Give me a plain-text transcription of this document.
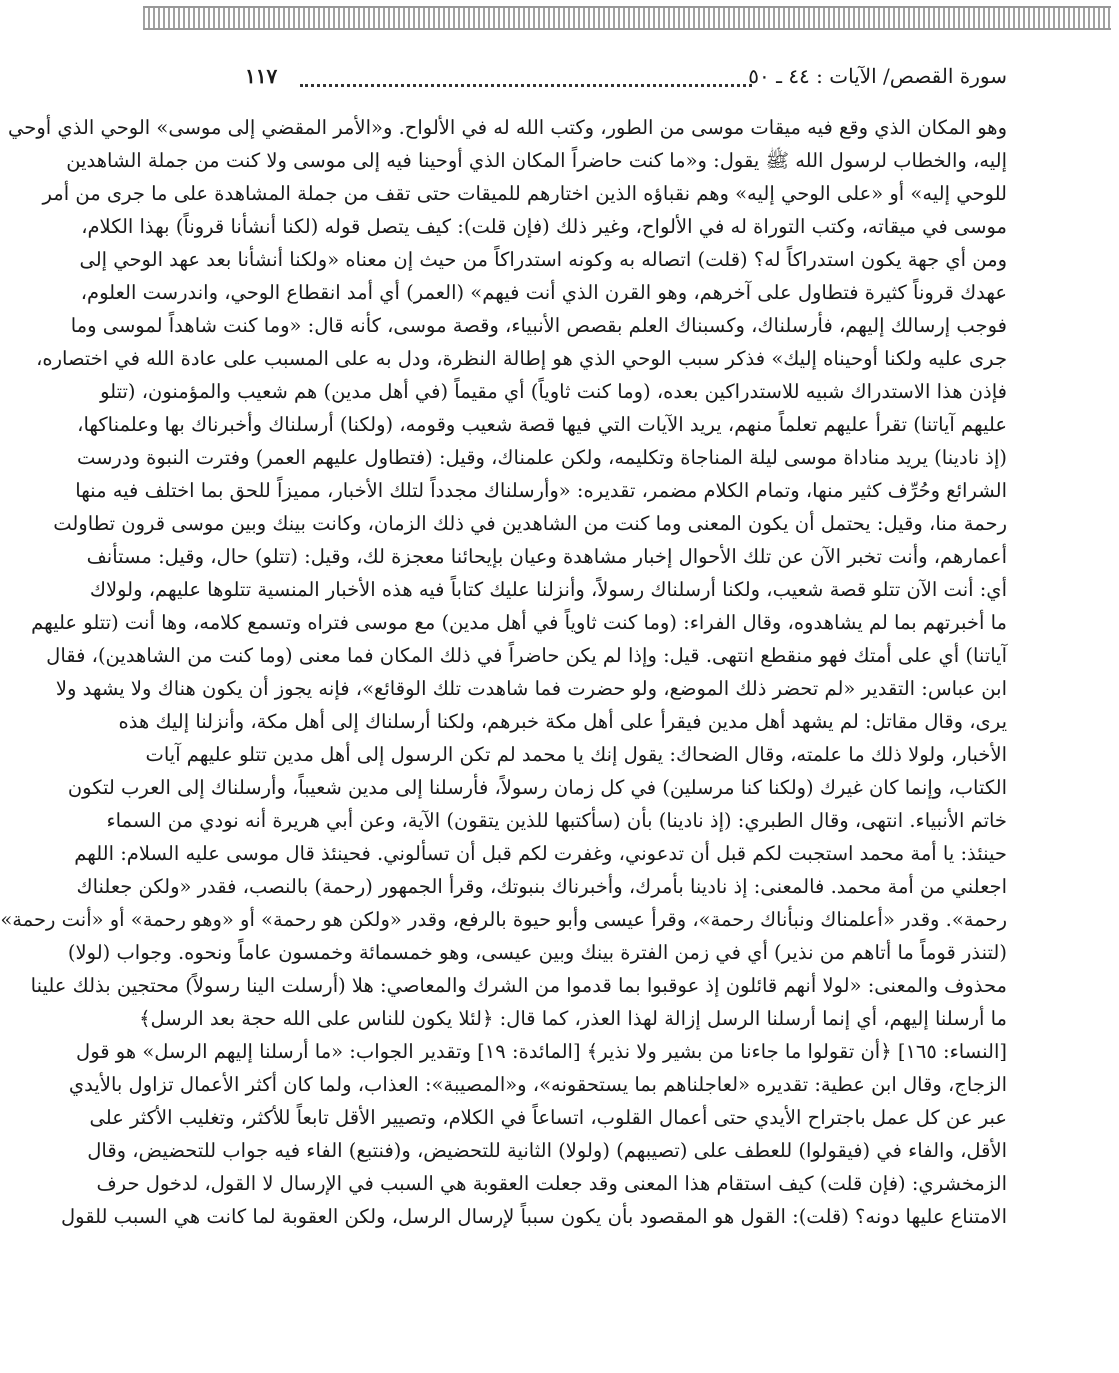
سورة القصص/ الآيات : ٤٤ ـ ٥٠
١١٧
وهو المكان الذي وقع فيه ميقات موسى من الطور، وكتب الله له في الألواح. و«الأمر المقضي إلى موسى» الوحي الذي أوحي
إليه، والخطاب لرسول الله ﷺ يقول: و«ما كنت حاضراً المكان الذي أوحينا فيه إلى موسى ولا كنت من جملة الشاهدين
للوحي إليه» أو «على الوحي إليه» وهم نقباؤه الذين اختارهم للميقات حتى تقف من جملة المشاهدة على ما جرى من أمر
موسى في ميقاته، وكتب التوراة له في الألواح، وغير ذلك (فإن قلت): كيف يتصل قوله (لكنا أنشأنا قروناً) بهذا الكلام،
ومن أي جهة يكون استدراكاً له؟ (قلت) اتصاله به وكونه استدراكاً من حيث إن معناه «ولكنا أنشأنا بعد عهد الوحي إلى
عهدك قروناً كثيرة فتطاول على آخرهم، وهو القرن الذي أنت فيهم» (العمر) أي أمد انقطاع الوحي، واندرست العلوم،
فوجب إرسالك إليهم، فأرسلناك، وكسبناك العلم بقصص الأنبياء، وقصة موسى، كأنه قال: «وما كنت شاهداً لموسى وما
جرى عليه ولكنا أوحيناه إليك» فذكر سبب الوحي الذي هو إطالة النظرة، ودل به على المسبب على عادة الله في اختصاره،
فإذن هذا الاستدراك شبيه للاستدراكين بعده، (وما كنت ثاوياً) أي مقيماً (في أهل مدين) هم شعيب والمؤمنون، (تتلو
عليهم آياتنا) تقرأ عليهم تعلماً منهم، يريد الآيات التي فيها قصة شعيب وقومه، (ولكنا) أرسلناك وأخبرناك بها وعلمناكها،
(إذ نادينا) يريد مناداة موسى ليلة المناجاة وتكليمه، ولكن علمناك، وقيل: (فتطاول عليهم العمر) وفترت النبوة ودرست
الشرائع وحُرِّف كثير منها، وتمام الكلام مضمر، تقديره: «وأرسلناك مجدداً لتلك الأخبار، مميزاً للحق بما اختلف فيه منها
رحمة منا، وقيل: يحتمل أن يكون المعنى وما كنت من الشاهدين في ذلك الزمان، وكانت بينك وبين موسى قرون تطاولت
أعمارهم، وأنت تخبر الآن عن تلك الأحوال إخبار مشاهدة وعيان بإيحائنا معجزة لك، وقيل: (تتلو) حال، وقيل: مستأنف
أي: أنت الآن تتلو قصة شعيب، ولكنا أرسلناك رسولاً، وأنزلنا عليك كتاباً فيه هذه الأخبار المنسية تتلوها عليهم، ولولاك
ما أخبرتهم بما لم يشاهدوه، وقال الفراء: (وما كنت ثاوياً في أهل مدين) مع موسى فتراه وتسمع كلامه، وها أنت (تتلو عليهم
آياتنا) أي على أمتك فهو منقطع انتهى. قيل: وإذا لم يكن حاضراً في ذلك المكان فما معنى (وما كنت من الشاهدين)، فقال
ابن عباس: التقدير «لم تحضر ذلك الموضع، ولو حضرت فما شاهدت تلك الوقائع»، فإنه يجوز أن يكون هناك ولا يشهد ولا
يرى، وقال مقاتل: لم يشهد أهل مدين فيقرأ على أهل مكة خبرهم، ولكنا أرسلناك إلى أهل مكة، وأنزلنا إليك هذه
الأخبار، ولولا ذلك ما علمته، وقال الضحاك: يقول إنك يا محمد لم تكن الرسول إلى أهل مدين تتلو عليهم آيات
الكتاب، وإنما كان غيرك (ولكنا كنا مرسلين) في كل زمان رسولاً، فأرسلنا إلى مدين شعيباً، وأرسلناك إلى العرب لتكون
خاتم الأنبياء. انتهى، وقال الطبري: (إذ نادينا) بأن (سأكتبها للذين يتقون) الآية، وعن أبي هريرة أنه نودي من السماء
حينئذ: يا أمة محمد استجبت لكم قبل أن تدعوني، وغفرت لكم قبل أن تسألوني. فحينئذ قال موسى عليه السلام: اللهم
اجعلني من أمة محمد. فالمعنى: إذ نادينا بأمرك، وأخبرناك بنبوتك، وقرأ الجمهور (رحمة) بالنصب، فقدر «ولكن جعلناك
رحمة». وقدر «أعلمناك ونبأناك رحمة»، وقرأ عيسى وأبو حيوة بالرفع، وقدر «ولكن هو رحمة» أو «وهو رحمة» أو «أنت رحمة»
(لتنذر قوماً ما أتاهم من نذير) أي في زمن الفترة بينك وبين عيسى، وهو خمسمائة وخمسون عاماً ونحوه. وجواب (لولا)
محذوف والمعنى: «لولا أنهم قائلون إذ عوقبوا بما قدموا من الشرك والمعاصي: هلا (أرسلت الينا رسولاً) محتجين بذلك علينا
ما أرسلنا إليهم، أي إنما أرسلنا الرسل إزالة لهذا العذر، كما قال: ﴿لئلا يكون للناس على الله حجة بعد الرسل﴾
[النساء: ١٦٥] ﴿أن تقولوا ما جاءنا من بشير ولا نذير﴾ [المائدة: ١٩] وتقدير الجواب: «ما أرسلنا إليهم الرسل» هو قول
الزجاج، وقال ابن عطية: تقديره «لعاجلناهم بما يستحقونه»، و«المصيبة»: العذاب، ولما كان أكثر الأعمال تزاول بالأيدي
عبر عن كل عمل باجتراح الأيدي حتى أعمال القلوب، اتساعاً في الكلام، وتصيير الأقل تابعاً للأكثر، وتغليب الأكثر على
الأقل، والفاء في (فيقولوا) للعطف على (تصيبهم) (ولولا) الثانية للتحضيض، و(فنتبع) الفاء فيه جواب للتحضيض، وقال
الزمخشري: (فإن قلت) كيف استقام هذا المعنى وقد جعلت العقوبة هي السبب في الإرسال لا القول، لدخول حرف
الامتناع عليها دونه؟ (قلت): القول هو المقصود بأن يكون سبباً لإرسال الرسل، ولكن العقوبة لما كانت هي السبب للقول
